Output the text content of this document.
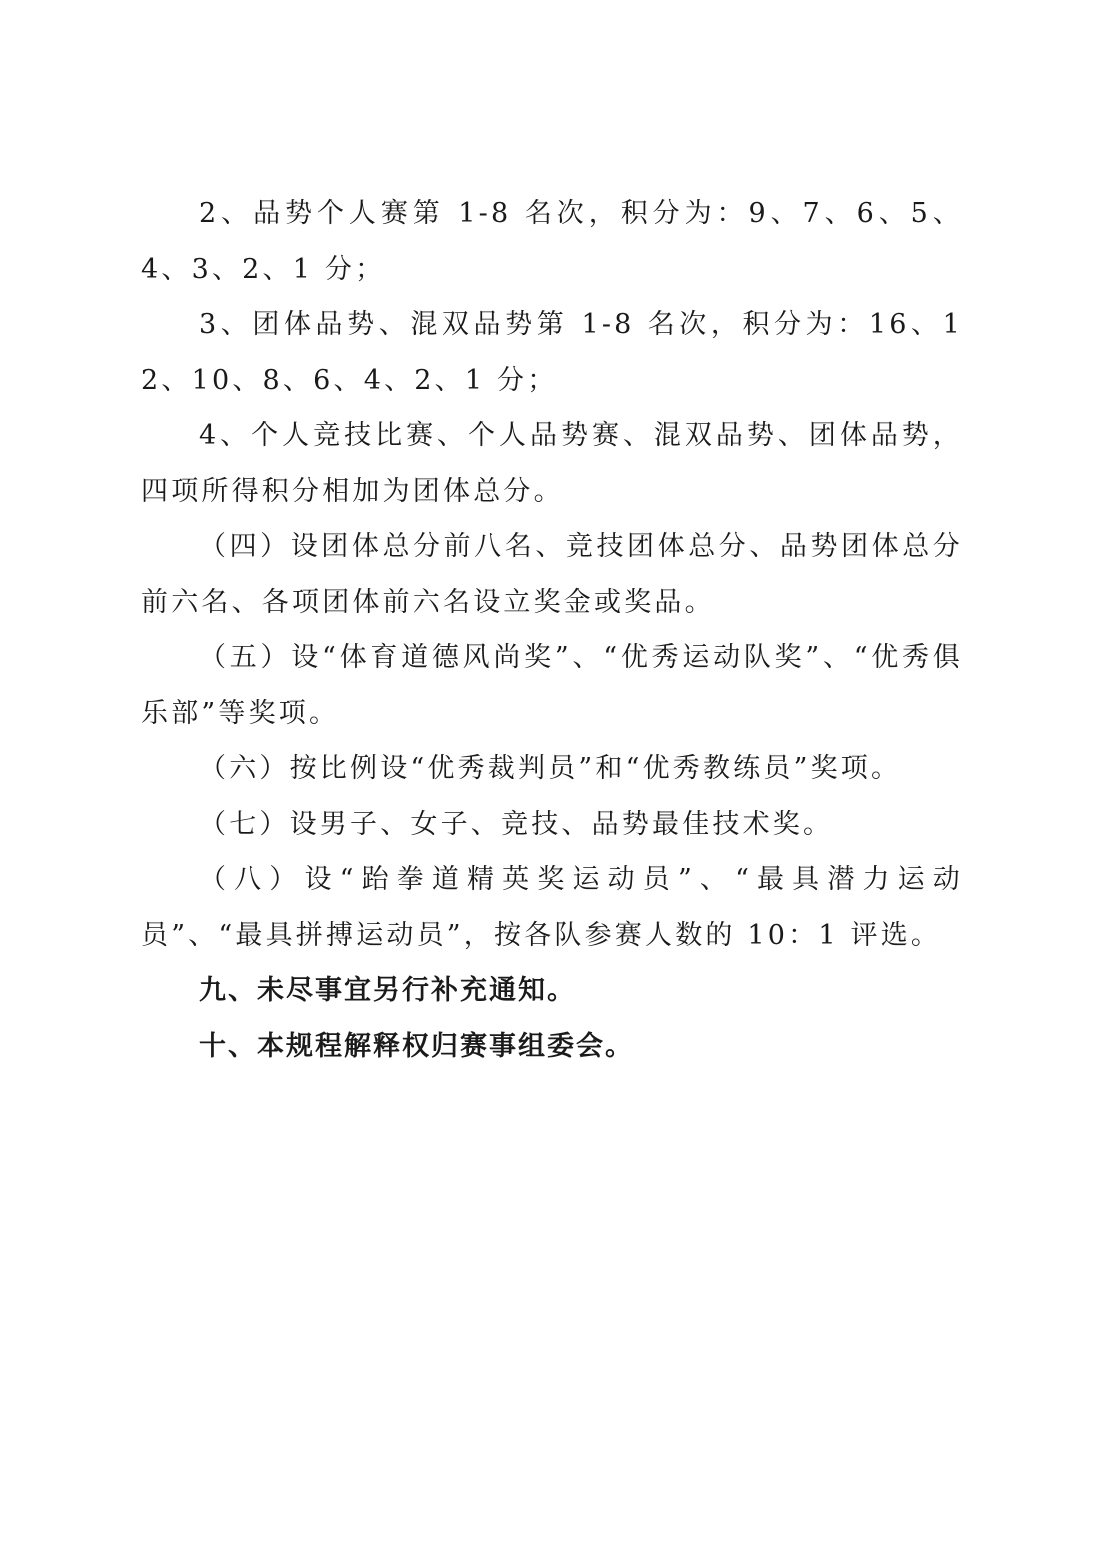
2、品势个人赛第 1-8 名次，积分为：9、7、6、5、4、3、2、1 分；

3、团体品势、混双品势第 1-8 名次，积分为：16、12、10、8、6、4、2、1 分；

4、个人竞技比赛、个人品势赛、混双品势、团体品势，四项所得积分相加为团体总分。

（四）设团体总分前八名、竞技团体总分、品势团体总分前六名、各项团体前六名设立奖金或奖品。

（五）设“体育道德风尚奖”、“优秀运动队奖”、“优秀俱乐部”等奖项。

（六）按比例设“优秀裁判员”和“优秀教练员”奖项。

（七）设男子、女子、竞技、品势最佳技术奖。

（八）设“跆拳道精英奖运动员”、“最具潜力运动员”、“最具拼搏运动员”，按各队参赛人数的 10：1 评选。

九、未尽事宜另行补充通知。

十、本规程解释权归赛事组委会。
